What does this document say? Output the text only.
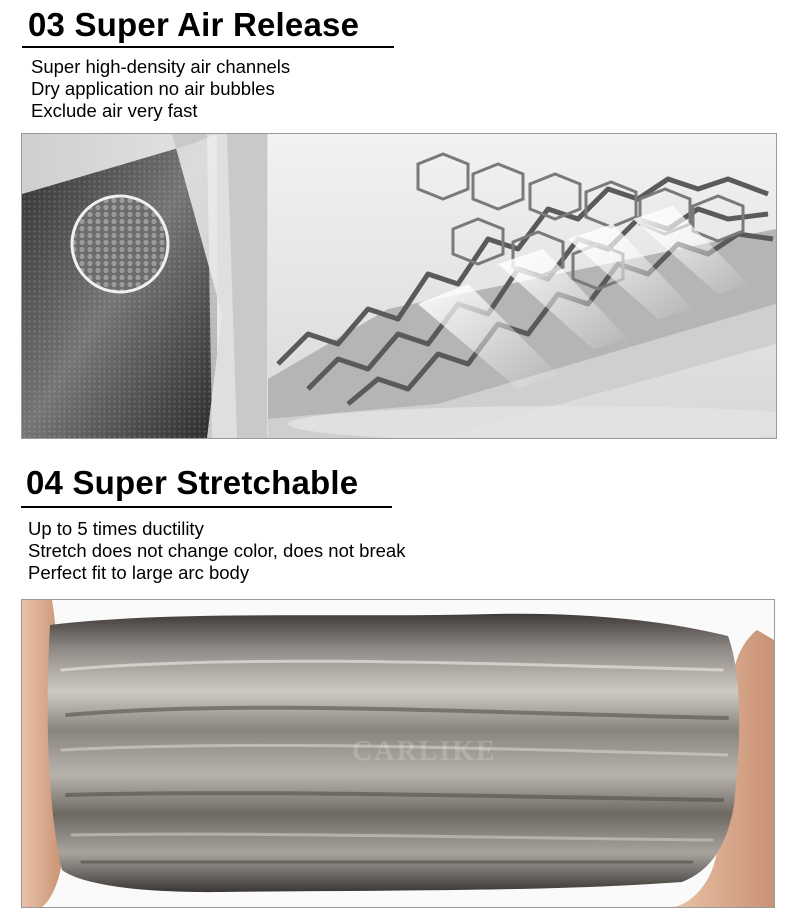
03 Super Air Release
Super high-density air channels
Dry application no air bubbles
Exclude air very fast
04 Super Stretchable
Up to 5 times ductility
Stretch does not change color, does not break
Perfect fit to large arc body
CARLIKE
